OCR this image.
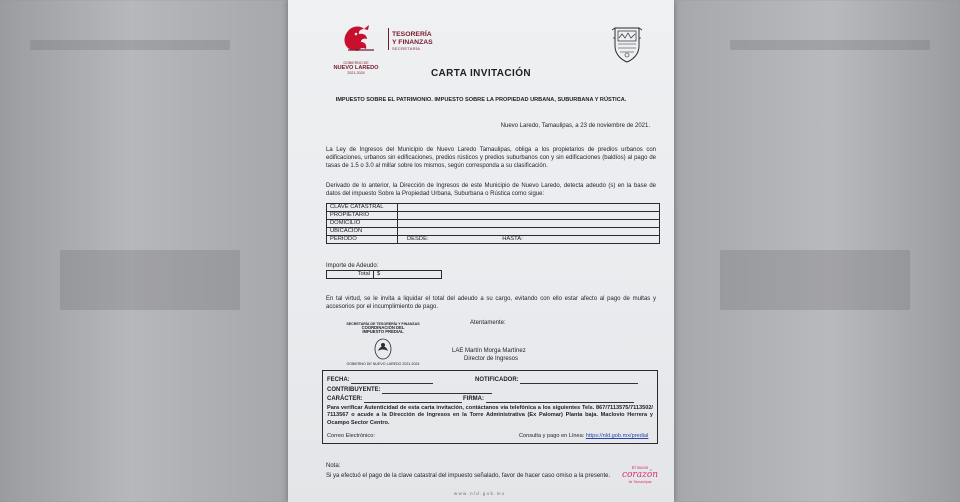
GOBIERNO DE
NUEVO LAREDO
2021-2024
TESORERÍA
Y FINANZAS
SECRETARÍA
CARTA INVITACIÓN
IMPUESTO SOBRE EL PATRIMONIO. IMPUESTO SOBRE LA PROPIEDAD URBANA, SUBURBANA Y RÚSTICA.
Nuevo Laredo, Tamaulipas, a 23 de noviembre de 2021.
La Ley de Ingresos del Municipio de Nuevo Laredo Tamaulipas, obliga a los propietarios de predios urbanos con edificaciones, urbanos sin edificaciones, predios rústicos y predios suburbanos con y sin edificaciones (baldíos) al pago de tasas de 1.5 o 3.0 al millar sobre los mismos, según corresponda a su clasificación.
Derivado de lo anterior, la Dirección de Ingresos de este Municipio de Nuevo Laredo, detecta adeudo (s) en la base de datos del impuesto Sobre la Propiedad Urbana, Suburbana o Rústica como sigue:
CLAVE CATASTRAL	
PROPIETARIO	
DOMICILIO	
UBICACIÓN	
PERIODO	DESDE: HASTA:
Importe de Adeudo:
Total	$
En tal virtud, se le invita a liquidar el total del adeudo a su cargo, evitando con ello estar afecto al pago de multas y accesorios por el incumplimiento de pago.
Atentamente:
SECRETARÍA DE TESORERÍA Y FINANZAS
COORDINACIÓN DEL
IMPUESTO PREDIAL
GOBIERNO DE NUEVO LAREDO 2021-2024
LAE Martín Morga Martínez
Director de Ingresos
FECHA:	NOTIFICADOR:
CONTRIBUYENTE:
CARÁCTER:	FIRMA:
Para verificar Autenticidad de esta carta invitación, contáctanos vía telefónica a los siguientes Tels. 867/7113575/7113502/ 7113567 o acude a la Dirección de Ingresos en la Torre Administrativa (Ex Palomar) Planta baja. Maclovio Herrera y Ocampo Sector Centro.
Correo Electrónico:	Consulta y pago en Línea: https://nld.gob.mx/predial
Nota:
Si ya efectuó el pago de la clave catastral del impuesto señalado, favor de hacer caso omiso a la presente.
www.nld.gob.mx
El nuevo
corazón
de Tamaulipas
